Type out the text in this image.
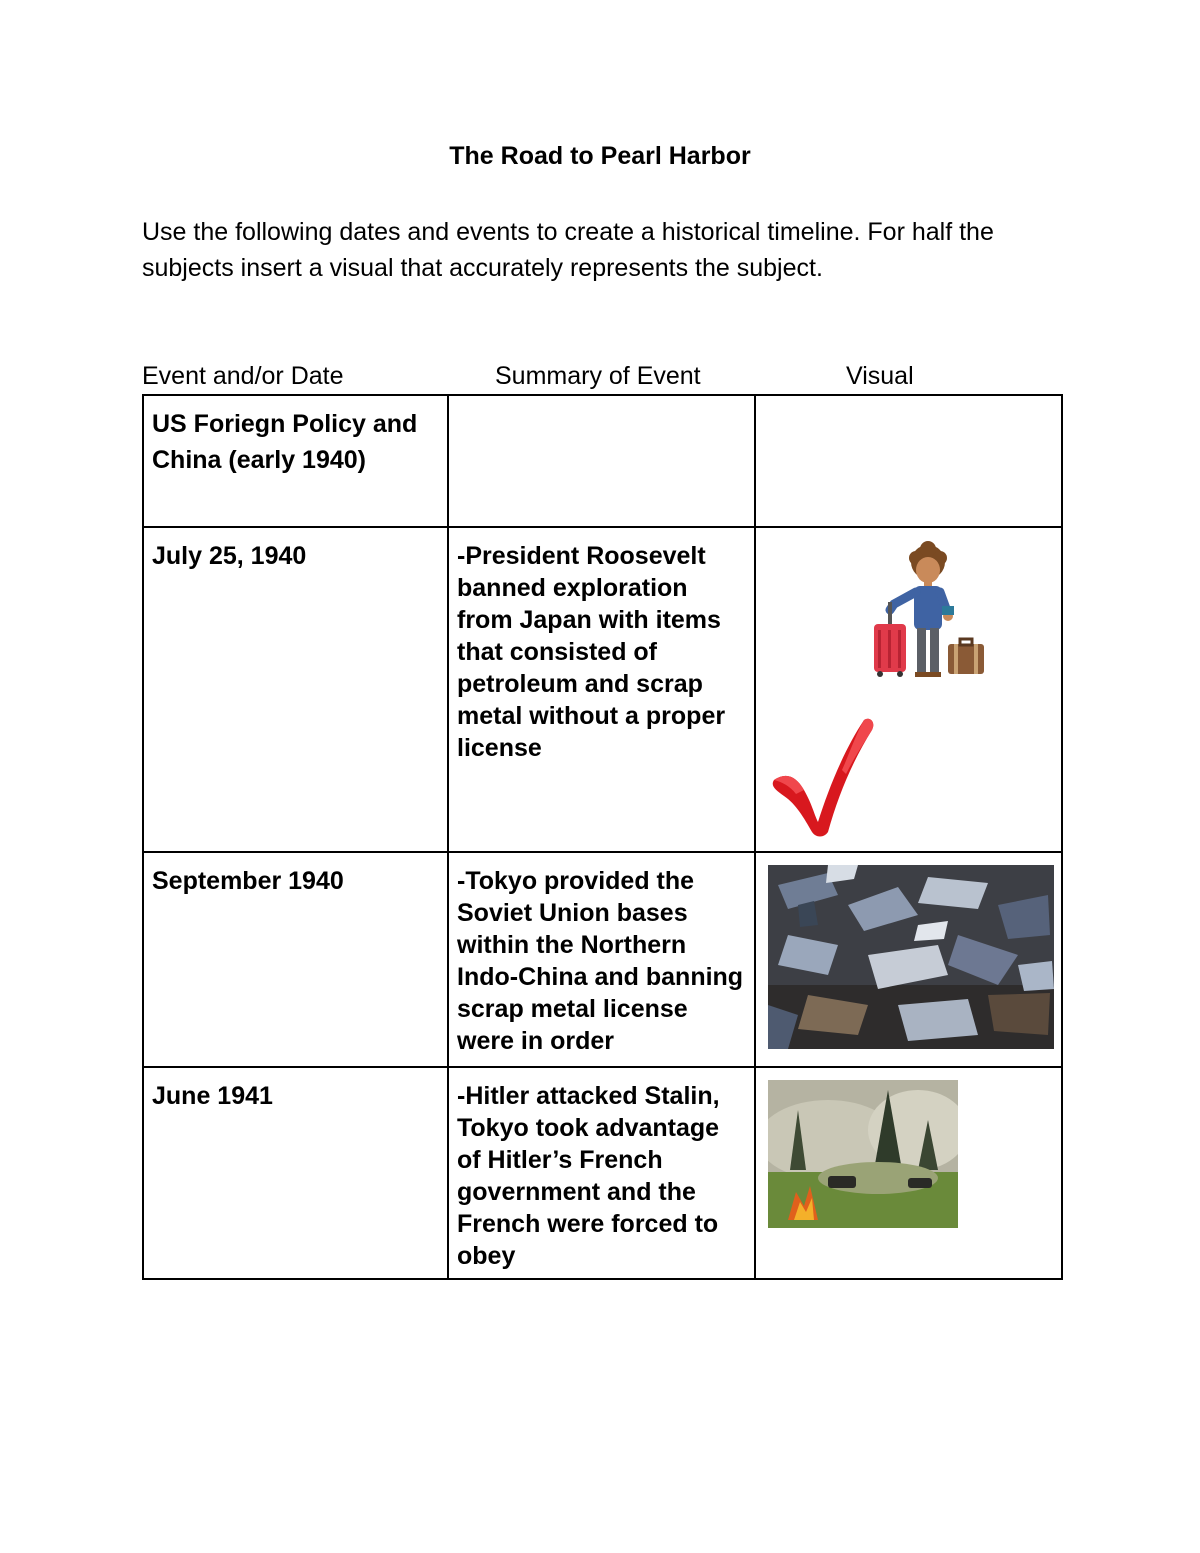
The Road to Pearl Harbor
Use the following dates and events to create a historical timeline. For half the subjects insert a visual that accurately represents the subject.
Event and/or Date	Summary of Event	Visual
US Foriegn Policy and China (early 1940)		

July 25, 1940	-President Roosevelt banned exploration from Japan with items that consisted of petroleum and scrap metal without a proper license

September 1940	-Tokyo provided the Soviet Union bases within the Northern Indo-China and banning scrap metal license were in order

June 1941	-Hitler attacked Stalin, Tokyo took advantage of Hitler’s French government and the French were forced to obey
